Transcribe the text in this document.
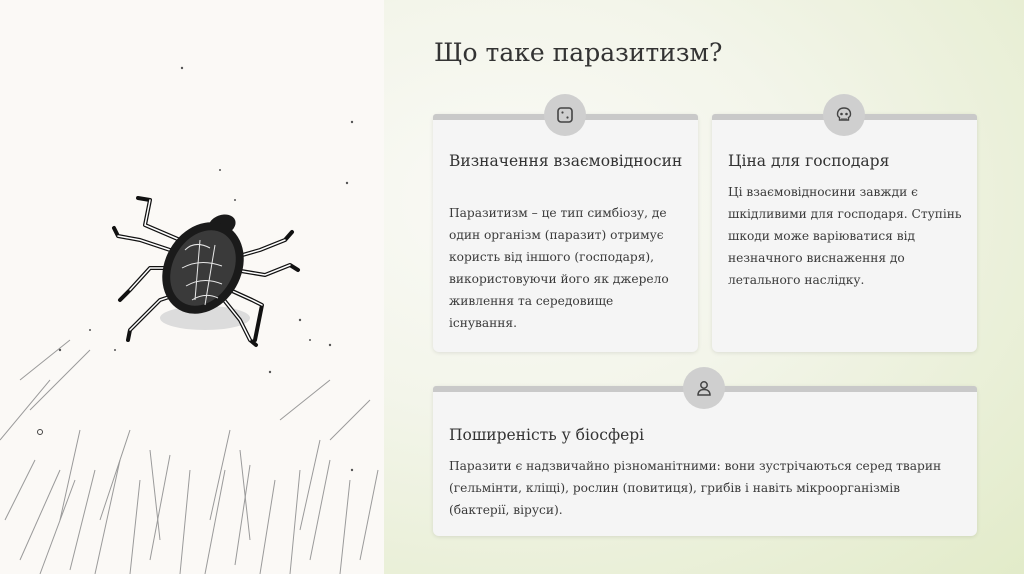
Що таке паразитизм?
Визначення взаємовідносин

Паразитизм – це тип симбіозу, де один організм (паразит) отримує користь від іншого (господаря), використовуючи його як джерело живлення та середовище існування.

Ціна для господаря

Ці взаємовідносини завжди є шкідливими для господаря. Ступінь шкоди може варіюватися від незначного виснаження до летального наслідку.

Поширеність у біосфері

Паразити є надзвичайно різноманітними: вони зустрічаються серед тварин (гельмінти, кліщі), рослин (повитиця), грибів і навіть мікроорганізмів (бактерії, віруси).
